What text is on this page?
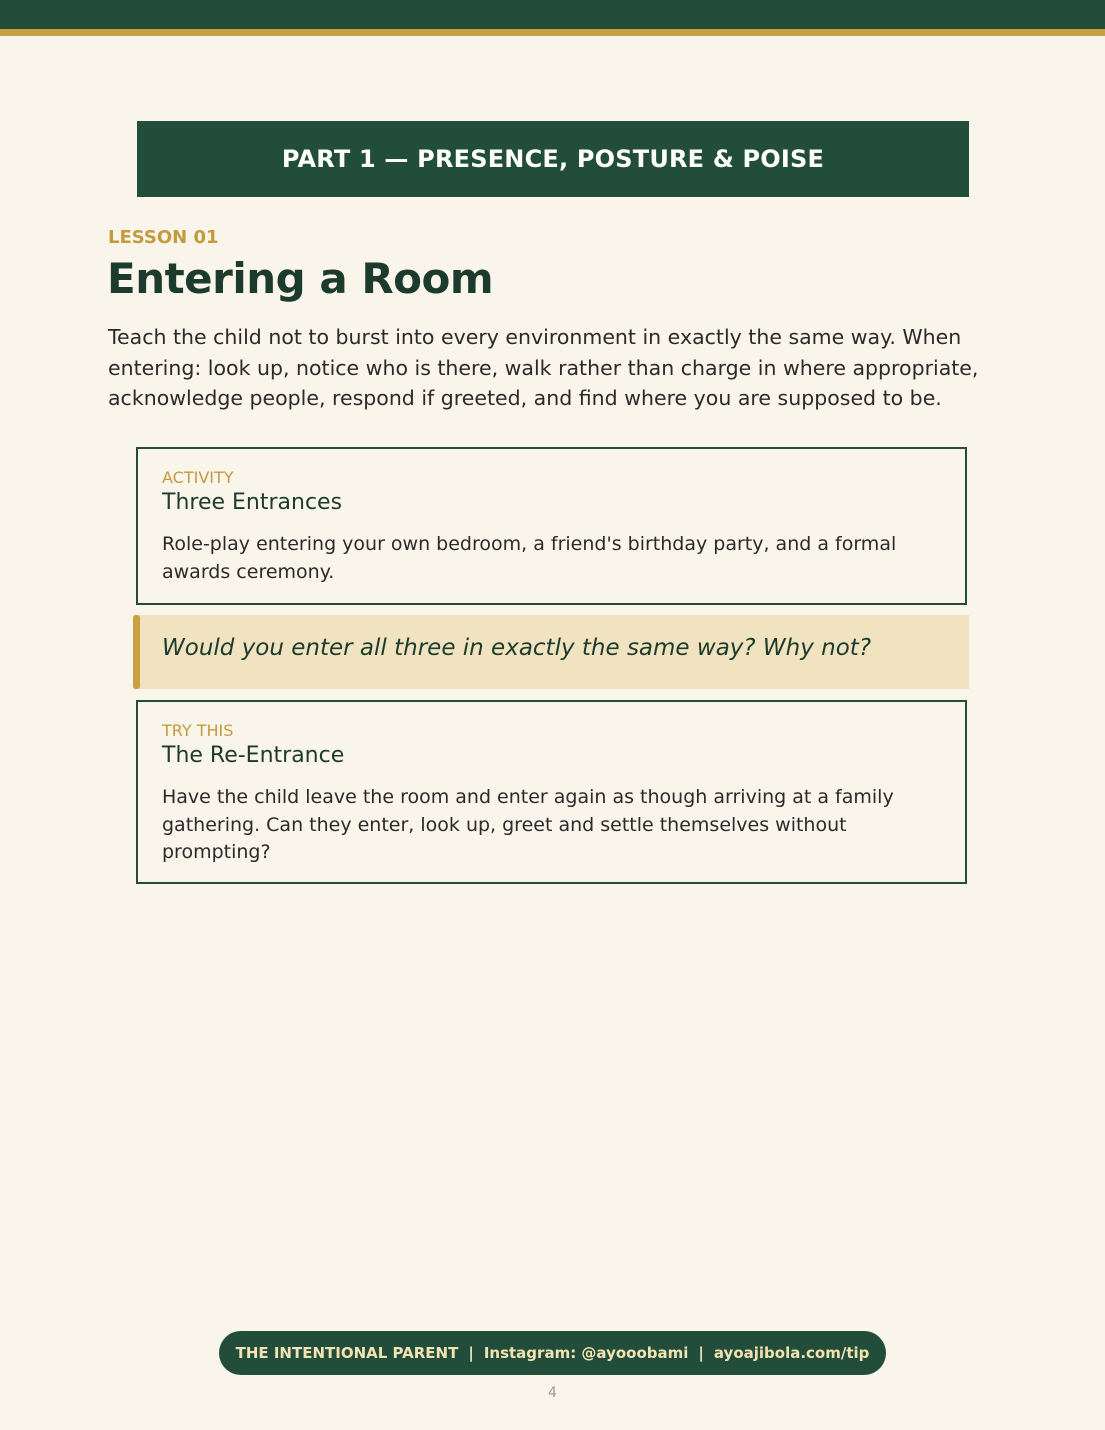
PART 1 — PRESENCE, POSTURE & POISE
LESSON 01
Entering a Room

Teach the child not to burst into every environment in exactly the same way. When entering: look up, notice who is there, walk rather than charge in where appropriate, acknowledge people, respond if greeted, and find where you are supposed to be.

ACTIVITY
Three Entrances
Role-play entering your own bedroom, a friend's birthday party, and a formal awards ceremony.
Would you enter all three in exactly the same way? Why not?
TRY THIS
The Re-Entrance
Have the child leave the room and enter again as though arriving at a family gathering. Can they enter, look up, greet and settle themselves without prompting?
THE INTENTIONAL PARENT | Instagram: @ayooobami | ayoajibola.com/tip
4
